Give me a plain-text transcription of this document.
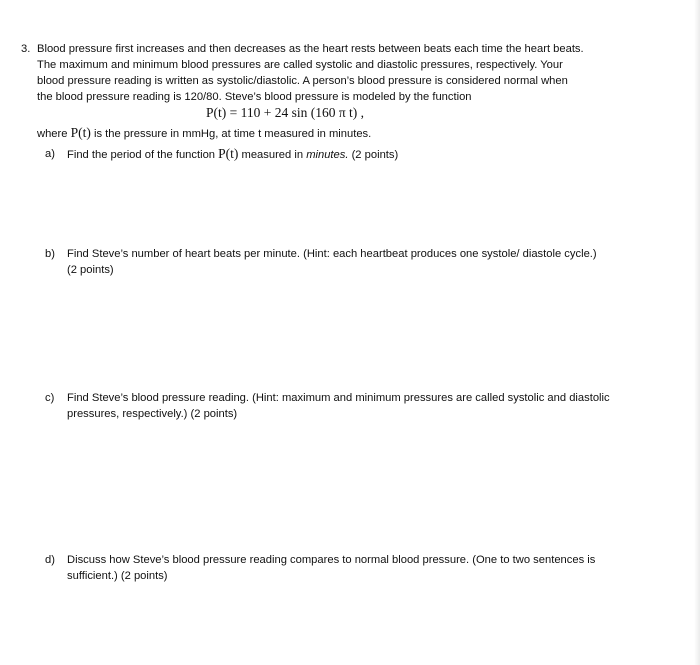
3. Blood pressure first increases and then decreases as the heart rests between beats each time the heart beats.
The maximum and minimum blood pressures are called systolic and diastolic pressures, respectively. Your
blood pressure reading is written as systolic/diastolic. A person’s blood pressure is considered normal when
the blood pressure reading is 120/80. Steve’s blood pressure is modeled by the function
P(t) = 110 + 24 sin (160 π t) ,
where P(t) is the pressure in mmHg, at time t measured in minutes.
a)	Find the period of the function P(t) measured in minutes. (2 points)
b)	Find Steve’s number of heart beats per minute. (Hint: each heartbeat produces one systole/ diastole cycle.)
(2 points)
c)	Find Steve’s blood pressure reading. (Hint: maximum and minimum pressures are called systolic and diastolic
pressures, respectively.) (2 points)
d)	Discuss how Steve’s blood pressure reading compares to normal blood pressure. (One to two sentences is
sufficient.) (2 points)
